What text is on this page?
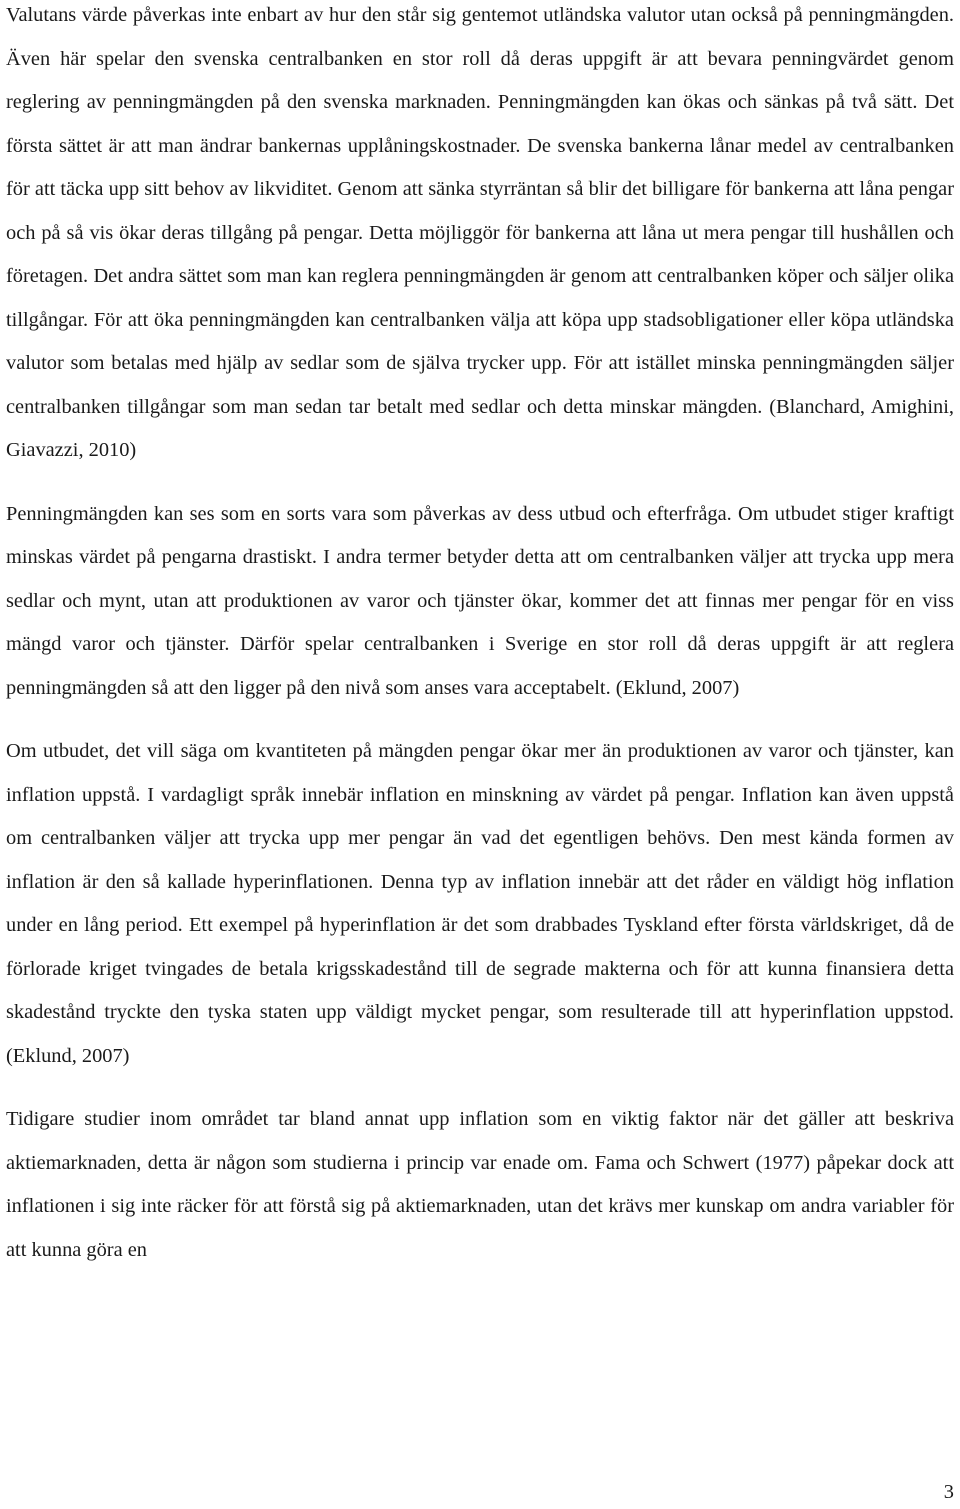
Valutans värde påverkas inte enbart av hur den står sig gentemot utländska valutor utan också på penningmängden. Även här spelar den svenska centralbanken en stor roll då deras uppgift är att bevara penningvärdet genom reglering av penningmängden på den svenska marknaden. Penningmängden kan ökas och sänkas på två sätt. Det första sättet är att man ändrar bankernas upplåningskostnader. De svenska bankerna lånar medel av centralbanken för att täcka upp sitt behov av likviditet. Genom att sänka styrräntan så blir det billigare för bankerna att låna pengar och på så vis ökar deras tillgång på pengar. Detta möjliggör för bankerna att låna ut mera pengar till hushållen och företagen. Det andra sättet som man kan reglera penningmängden är genom att centralbanken köper och säljer olika tillgångar. För att öka penningmängden kan centralbanken välja att köpa upp stadsobligationer eller köpa utländska valutor som betalas med hjälp av sedlar som de själva trycker upp. För att istället minska penningmängden säljer centralbanken tillgångar som man sedan tar betalt med sedlar och detta minskar mängden. (Blanchard, Amighini, Giavazzi, 2010)

Penningmängden kan ses som en sorts vara som påverkas av dess utbud och efterfråga. Om utbudet stiger kraftigt minskas värdet på pengarna drastiskt. I andra termer betyder detta att om centralbanken väljer att trycka upp mera sedlar och mynt, utan att produktionen av varor och tjänster ökar, kommer det att finnas mer pengar för en viss mängd varor och tjänster. Därför spelar centralbanken i Sverige en stor roll då deras uppgift är att reglera penningmängden så att den ligger på den nivå som anses vara acceptabelt. (Eklund, 2007)

Om utbudet, det vill säga om kvantiteten på mängden pengar ökar mer än produktionen av varor och tjänster, kan inflation uppstå. I vardagligt språk innebär inflation en minskning av värdet på pengar. Inflation kan även uppstå om centralbanken väljer att trycka upp mer pengar än vad det egentligen behövs. Den mest kända formen av inflation är den så kallade hyperinflationen. Denna typ av inflation innebär att det råder en väldigt hög inflation under en lång period. Ett exempel på hyperinflation är det som drabbades Tyskland efter första världskriget, då de förlorade kriget tvingades de betala krigsskadestånd till de segrade makterna och för att kunna finansiera detta skadestånd tryckte den tyska staten upp väldigt mycket pengar, som resulterade till att hyperinflation uppstod. (Eklund, 2007)

Tidigare studier inom området tar bland annat upp inflation som en viktig faktor när det gäller att beskriva aktiemarknaden, detta är någon som studierna i princip var enade om. Fama och Schwert (1977) påpekar dock att inflationen i sig inte räcker för att förstå sig på aktiemarknaden, utan det krävs mer kunskap om andra variabler för att kunna göra en

3
